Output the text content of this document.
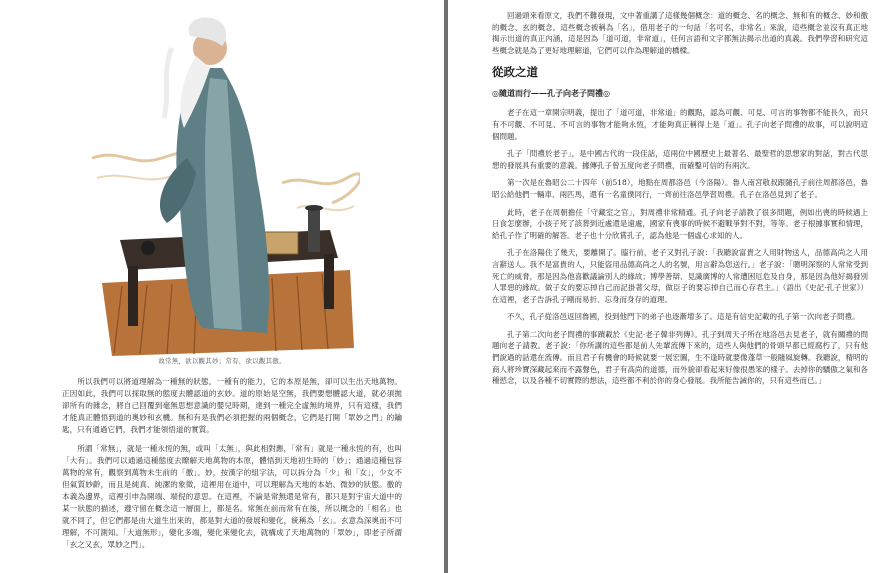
故常無，欲以觀其妙；常有，欲以觀其徼。

所以我們可以將道理解為一種無的狀態，一種有的能力，它的本原是無，卻可以生出天地萬物。正因如此，我們可以採取無的態度去體認道的玄妙。道的原始是空無，我們要想體認大道，就必須拋卻所有的雜念，將自己回覆到毫無思想意識的嬰兒時期，達到一種完全虛無的境界，只有這樣，我們才能真正體悟到道的奧妙和玄機。無和有是我們必須把握的兩個概念，它們是打開「眾妙之門」的鑰匙，只有通過它們，我們才能領悟道的實質。

所謂「常無」，就是一種永恆的無，或叫「太無」，與此相對應，「常有」就是一種永恆的有，也叫「大有」。我們可以通過這種態度去瞭解天地萬物的本原，體悟到天地初生時的「妙」；通過這種包容萬物的常有，觀察到萬物未生前的「徼」。妙，按漢字的組字法，可以拆分為「少」和「女」，少女不但氣質妙齡，而且是純真、純潔的象徵，這裡用在道中，可以理解為天地的本始、微妙的狀態。徼的本義為邊界，這裡引申為開端、端倪的意思。在這裡，不論是常無還是常有，都只是對宇宙大道中的某一狀態的描述，遵守留在概念這一層面上，都是名。常無在前而常有在後，所以概念的「相名」也就不同了，但它們都是由大道生出來的，都是對大道的發展和變化，統稱為「玄」。玄意為深奧而不可理解，不可測知。「大道無形」，變化多端，變化來變化去，就構成了天地萬物的「眾妙」，即老子所謂「玄之又玄，眾妙之門」。

回過頭來看原文，我們不難發現，文中著重講了這樣幾個概念：道的概念、名的概念、無和有的概念、妙和徼的概念、玄的概念。這些概念被稱為「名」，借用老子的一句話「名可名，非常名」來說，這些概念並沒有真正地揭示出道的真正內涵，這是因為「道可道，非常道」，任何言語和文字都無法揭示出道的真義。我們學習和研究這些概念就是為了更好地理解道，它們可以作為理解道的橋樑。

從政之道
◎隨道而行——孔子向老子問禮◎

老子在這一章開宗明義，提出了「道可道，非常道」的觀點，認為可觀、可見、可言的事物都不能長久，而只有不可觀、不可見、不可言的事物才能夠永恆，才能夠真正稱得上是「道」。孔子向老子問禮的故事，可以說明這個問題。

孔子「問禮於老子」，是中國古代的一段佳話，這兩位中國歷史上最著名、最聖哲的思想家的對話，對古代思想的發展具有重要的意義。據傳孔子曾五度向老子問禮，而確鑿可信的有兩次。

第一次是在魯昭公二十四年（前518），地點在周都洛邑（今洛陽）。魯人南宮敬叔跟隨孔子前往周都洛邑，魯昭公給他們一輛車、兩匹馬，還有一名童僕同行，一齊前往洛邑學習周禮。孔子在洛邑見到了老子。

此時，老子在周朝擔任「守藏室之官」，對周禮非常精通。孔子向老子請教了很多問題，例如出喪的時候遇上日食怎麼辦，小孩子死了該葬到近處還是遠處，國家有喪事的時候不避戰爭對不對，等等。老子根據事實和情理，給孔子作了明確的解答。老子也十分欣賞孔子，認為他是一個虛心求知的人。

孔子在洛陽住了幾天，要離開了。臨行前，老子又對孔子說：「我聽說富貴之人用財物送人，品德高尚之人用言辭送人。我不是富貴的人，只能盜用品德高尚之人的名號，用言辭為您送行。」老子說：「聰明深察的人常常受到死亡的威脅，那是因為他喜歡議論別人的緣故；博學善辯、見識廣博的人常遭困厄危及自身，那是因為他好揭發別人罪惡的緣故。做子女的要忘掉自己而記掛著父母，做臣子的要忘掉自己而心存君主。」（語出《史記·孔子世家》）在這裡，老子告訴孔子剛而易折、忘身而身存的道理。

不久，孔子從洛邑返回魯國，投到他門下的弟子也逐漸增多了。這是有信史記載的孔子第一次向老子問禮。

孔子第二次向老子問禮的事蹟載於《史記·老子韓非列傳》。孔子到周天子所在地洛邑去見老子，就有關禮的問題向老子請教。老子說：「你所講的這些都是前人先輩流傳下來的，這些人與他們的骨頭早都已經腐朽了，只有他們說過的話還在流傳。而且君子有機會的時候就要一展宏圖，生不逢時就要像蓬草一般隨風旋轉。我聽說，精明的商人將珍寶深藏起來而不露聲色，君子有高尚的道德，而外貌卻看起來好像很愚笨的樣子。去掉你的驕傲之氣和各種慾念，以及各種不切實際的想法，這些都不利於你的身心發展。我所能告誡你的，只有這些而已。」
